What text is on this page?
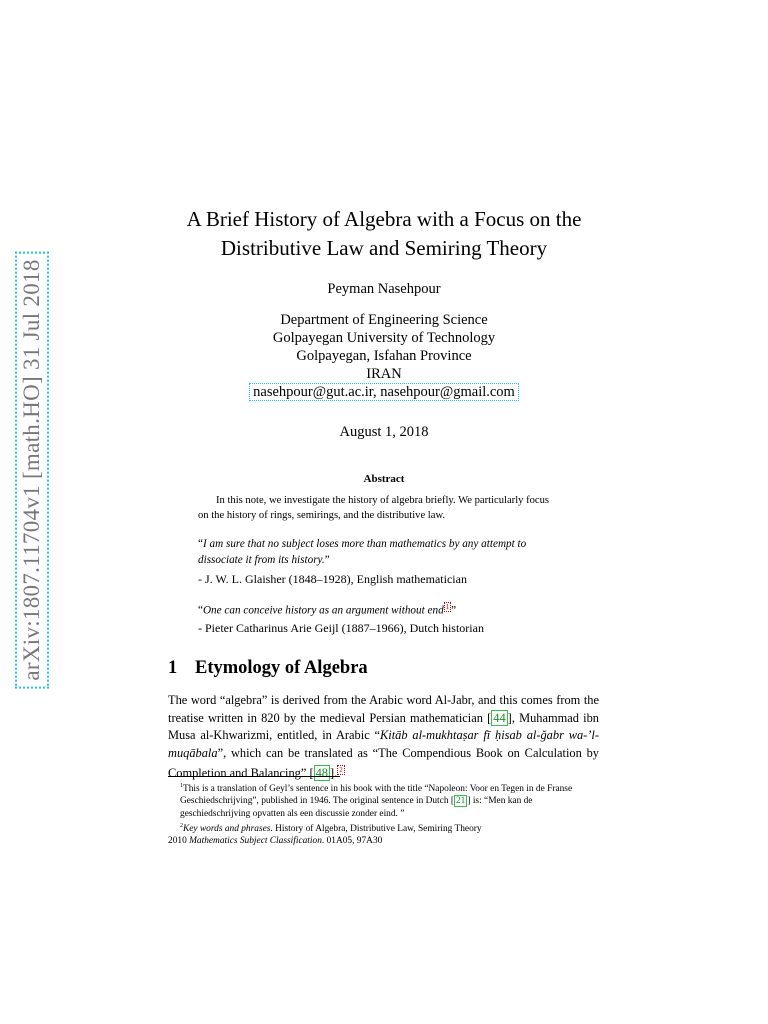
arXiv:1807.11704v1 [math.HO] 31 Jul 2018
A Brief History of Algebra with a Focus on the
Distributive Law and Semiring Theory
Peyman Nasehpour
Department of Engineering Science
Golpayegan University of Technology
Golpayegan, Isfahan Province
IRAN
nasehpour@gut.ac.ir, nasehpour@gmail.com
August 1, 2018
Abstract
In this note, we investigate the history of algebra briefly. We particularly focus
on the history of rings, semirings, and the distributive law.
“I am sure that no subject loses more than mathematics by any attempt to
dissociate it from its history.”
- J. W. L. Glaisher (1848–1928), English mathematician
“One can conceive history as an argument without end $^1$ ”
- Pieter Catharinus Arie Geijl (1887–1966), Dutch historian
1 Etymology of Algebra
The word “algebra” is derived from the Arabic word Al-Jabr, and this comes from the treatise written in 820 by the medieval Persian mathematician [ 44 ], Muhammad ibn Musa al-Khwarizmi, entitled, in Arabic “Kitāb al-mukhtaṣar fī ḥisab al-ğabr wa-’l-muqābala”, which can be translated as “The Compendious Book on Calculation by Completion and Balancing” [ 48 ]. $^2$

$^1$This is a translation of Geyl’s sentence in his book with the title “Napoleon: Voor en Tegen in de Franse Geschiedschrijving”, published in 1946. The original sentence in Dutch [ 21 ] is: “Men kan de geschiedschrijving opvatten als een discussie zonder eind. ”

$^2$Key words and phrases. History of Algebra, Distributive Law, Semiring Theory

2010 Mathematics Subject Classification. 01A05, 97A30
